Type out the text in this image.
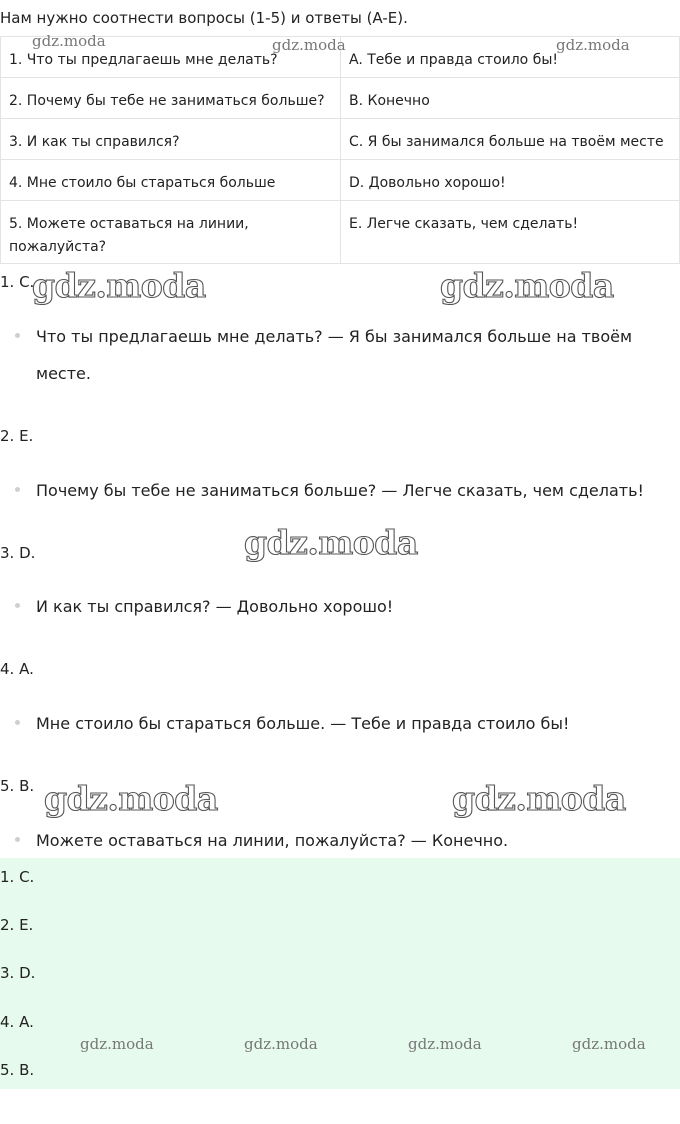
Нам нужно соотнести вопросы (1-5) и ответы (A-E).
1. Что ты предлагаешь мне делать?	A. Тебе и правда стоило бы!
2. Почему бы тебе не заниматься больше?	B. Конечно
3. И как ты справился?	C. Я бы занимался больше на твоём месте
4. Мне стоило бы стараться больше	D. Довольно хорошо!
5. Можете оставаться на линии, пожалуйста?	E. Легче сказать, чем сделать!
gdz.moda	gdz.moda	gdz.moda
1. C.
Что ты предлагаешь мне делать? — Я бы занимался больше на твоём месте.
2. E.
Почему бы тебе не заниматься больше? — Легче сказать, чем сделать!
3. D.
И как ты справился? — Довольно хорошо!
4. A.
Мне стоило бы стараться больше. — Тебе и правда стоило бы!
5. B.
Можете оставаться на линии, пожалуйста? — Конечно.
gdz.moda	gdz.moda
gdz.moda
gdz.moda	gdz.moda
1. C.
2. E.
3. D.
4. A.
5. B.
gdz.moda	gdz.moda	gdz.moda	gdz.moda
